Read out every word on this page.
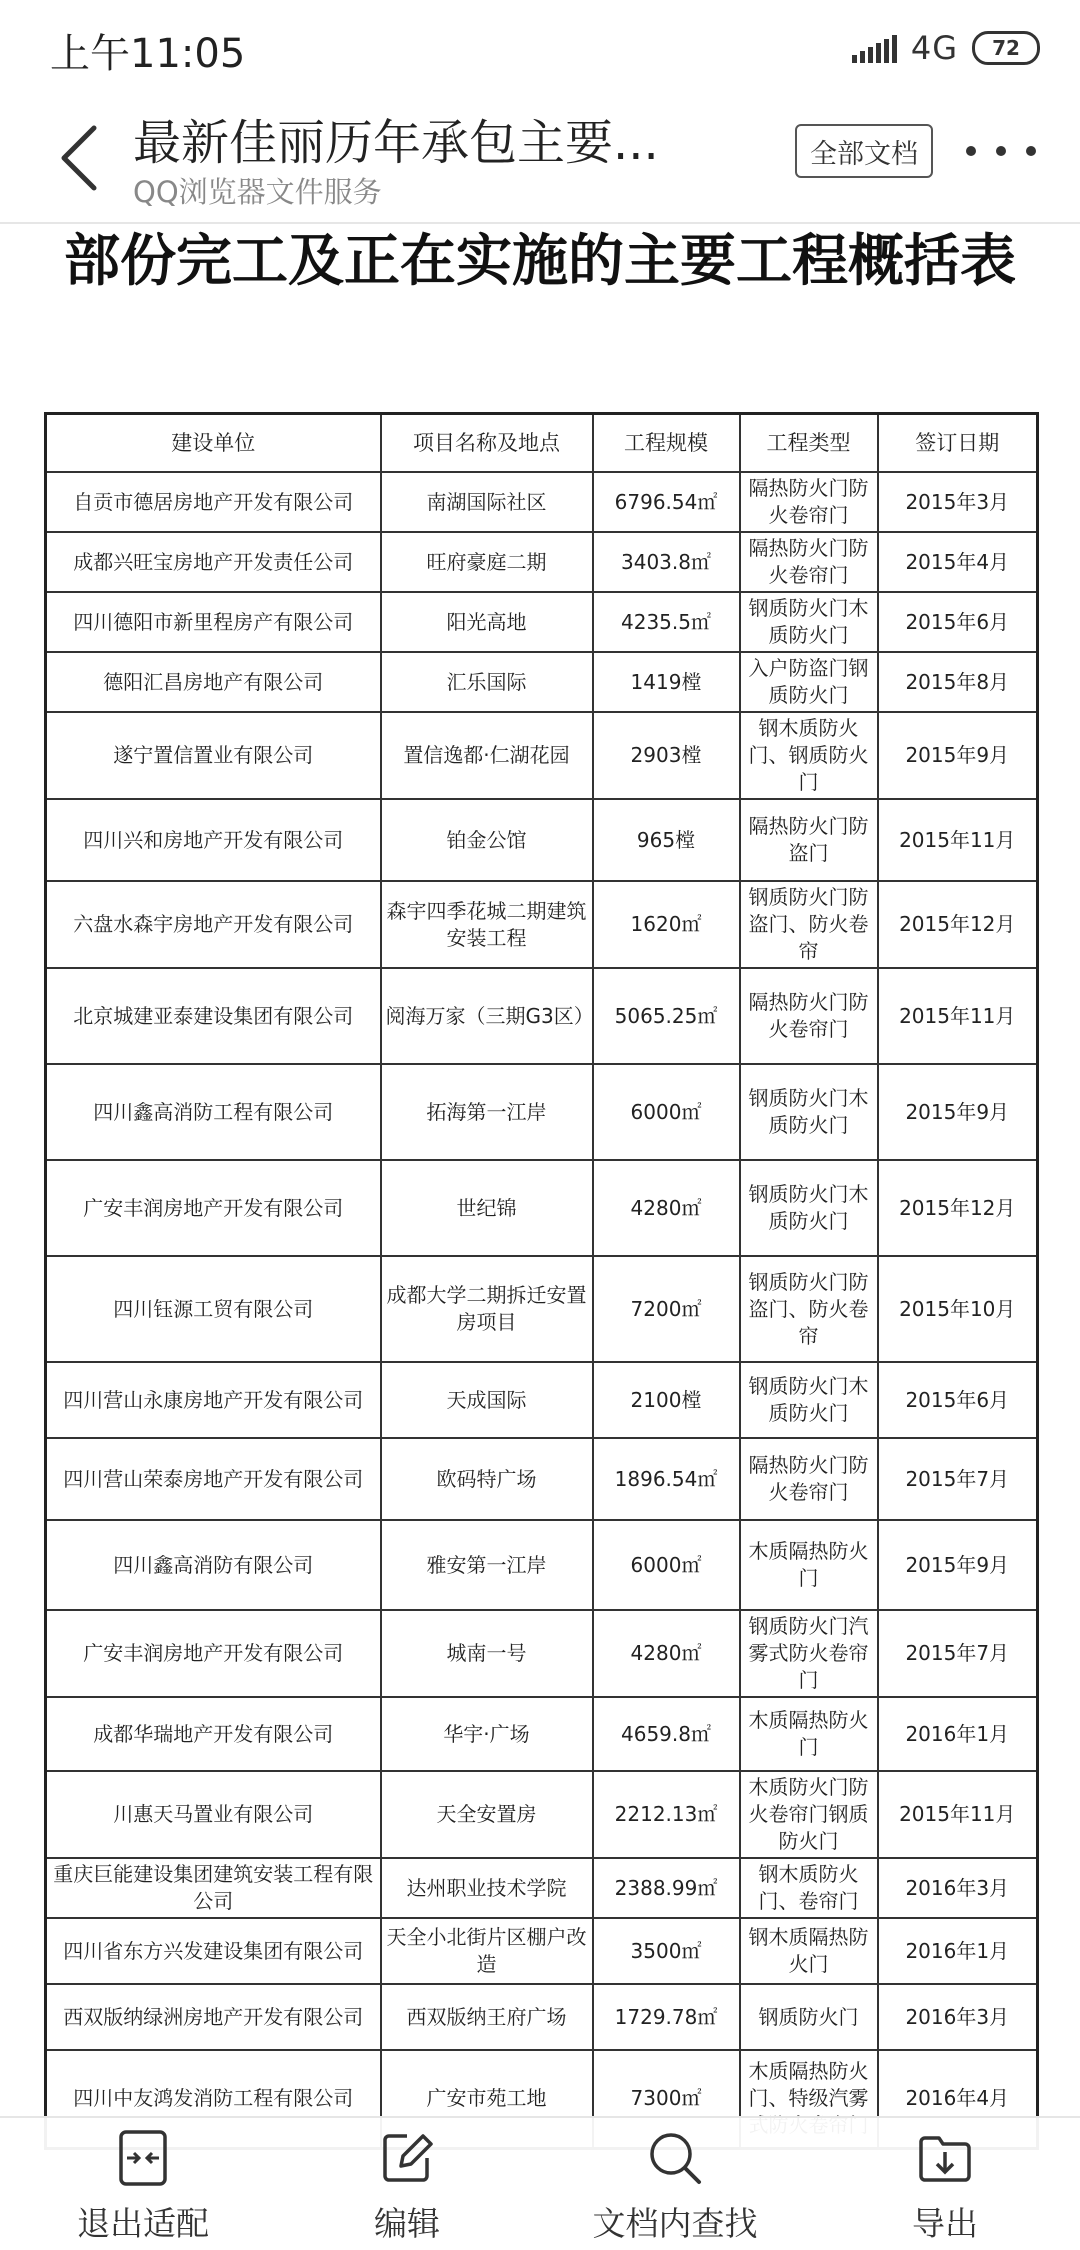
上午11:05	4G 72
最新佳丽历年承包主要...
QQ浏览器文件服务
全部文档
部份完工及正在实施的主要工程概括表
建设单位	项目名称及地点	工程规模	工程类型	签订日期
自贡市德居房地产开发有限公司	南湖国际社区	6796.54㎡	隔热防火门防火卷帘门	2015年3月
成都兴旺宝房地产开发责任公司	旺府豪庭二期	3403.8㎡	隔热防火门防火卷帘门	2015年4月
四川德阳市新里程房产有限公司	阳光高地	4235.5㎡	钢质防火门木质防火门	2015年6月
德阳汇昌房地产有限公司	汇乐国际	1419樘	入户防盗门钢质防火门	2015年8月
遂宁置信置业有限公司	置信逸都·仁湖花园	2903樘	钢木质防火门、钢质防火门	2015年9月
四川兴和房地产开发有限公司	铂金公馆	965樘	隔热防火门防盗门	2015年11月
六盘水森宇房地产开发有限公司	森宇四季花城二期建筑安装工程	1620㎡	钢质防火门防盗门、防火卷帘	2015年12月
北京城建亚泰建设集团有限公司	阅海万家（三期G3区）	5065.25㎡	隔热防火门防火卷帘门	2015年11月
四川鑫高消防工程有限公司	拓海第一江岸	6000㎡	钢质防火门木质防火门	2015年9月
广安丰润房地产开发有限公司	世纪锦	4280㎡	钢质防火门木质防火门	2015年12月
四川钰源工贸有限公司	成都大学二期拆迁安置房项目	7200㎡	钢质防火门防盗门、防火卷帘	2015年10月
四川营山永康房地产开发有限公司	天成国际	2100樘	钢质防火门木质防火门	2015年6月
四川营山荣泰房地产开发有限公司	欧码特广场	1896.54㎡	隔热防火门防火卷帘门	2015年7月
四川鑫高消防有限公司	雅安第一江岸	6000㎡	木质隔热防火门	2015年9月
广安丰润房地产开发有限公司	城南一号	4280㎡	钢质防火门汽雾式防火卷帘门	2015年7月
成都华瑞地产开发有限公司	华宇·广场	4659.8㎡	木质隔热防火门	2016年1月
川惠天马置业有限公司	天全安置房	2212.13㎡	木质防火门防火卷帘门钢质防火门	2015年11月
重庆巨能建设集团建筑安装工程有限公司	达州职业技术学院	2388.99㎡	钢木质防火门、卷帘门	2016年3月
四川省东方兴发建设集团有限公司	天全小北街片区棚户改造	3500㎡	钢木质隔热防火门	2016年1月
西双版纳绿洲房地产开发有限公司	西双版纳王府广场	1729.78㎡	钢质防火门	2016年3月
四川中友鸿发消防工程有限公司	广安市苑工地	7300㎡	木质隔热防火门、特级汽雾	2016年4月
退出适配	编辑	文档内查找	导出
